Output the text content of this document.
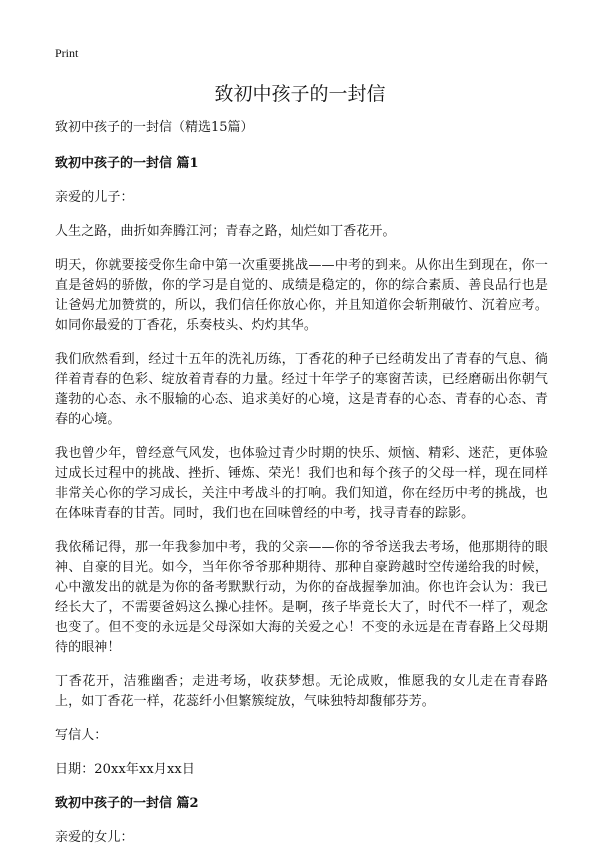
Print
致初中孩子的一封信

致初中孩子的一封信（精选15篇）

致初中孩子的一封信 篇1

亲爱的儿子：

人生之路，曲折如奔腾江河；青春之路，灿烂如丁香花开。

明天，你就要接受你生命中第一次重要挑战——中考的到来。从你出生到现在，你一直是爸妈的骄傲，你的学习是自觉的、成绩是稳定的，你的综合素质、善良品行也是让爸妈尤加赞赏的，所以，我们信任你放心你，并且知道你会斩荆破竹、沉着应考。如同你最爱的丁香花，乐奏枝头、灼灼其华。

我们欣然看到，经过十五年的洗礼历练，丁香花的种子已经萌发出了青春的气息、徜徉着青春的色彩、绽放着青春的力量。经过十年学子的寒窗苦读，已经磨砺出你朝气蓬勃的心态、永不服输的心态、追求美好的心境，这是青春的心态、青春的心态、青春的心境。

我也曾少年，曾经意气风发，也体验过青少时期的快乐、烦恼、精彩、迷茫，更体验过成长过程中的挑战、挫折、锤炼、荣光！我们也和每个孩子的父母一样，现在同样非常关心你的学习成长，关注中考战斗的打响。我们知道，你在经历中考的挑战，也在体味青春的甘苦。同时，我们也在回味曾经的中考，找寻青春的踪影。

我依稀记得，那一年我参加中考，我的父亲——你的爷爷送我去考场，他那期待的眼神、自豪的目光。如今，当年你爷爷那种期待、那种自豪跨越时空传递给我的时候，心中激发出的就是为你的备考默默行动，为你的奋战握拳加油。你也许会认为：我已经长大了，不需要爸妈这么操心挂怀。是啊，孩子毕竟长大了，时代不一样了，观念也变了。但不变的永远是父母深如大海的关爱之心！不变的永远是在青春路上父母期待的眼神！

丁香花开，洁雅幽香；走进考场，收获梦想。无论成败，惟愿我的女儿走在青春路上，如丁香花一样，花蕊纤小但繁簇绽放，气味独特却馥郁芬芳。

写信人：

日期：20xx年xx月xx日

致初中孩子的一封信 篇2

亲爱的女儿：
